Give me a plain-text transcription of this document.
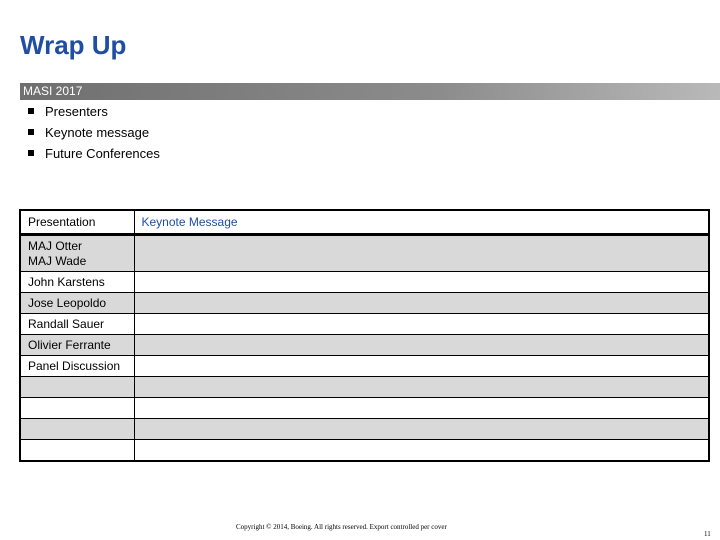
Wrap Up
MASI 2017
Presenters
Keynote message
Future Conferences
Presentation	Keynote Message
MAJ Otter
MAJ Wade	
John Karstens	
Jose Leopoldo	
Randall Sauer	
Olivier Ferrante	
Panel Discussion	

Copyright © 2014, Boeing. All rights reserved. Export controlled per cover
11
